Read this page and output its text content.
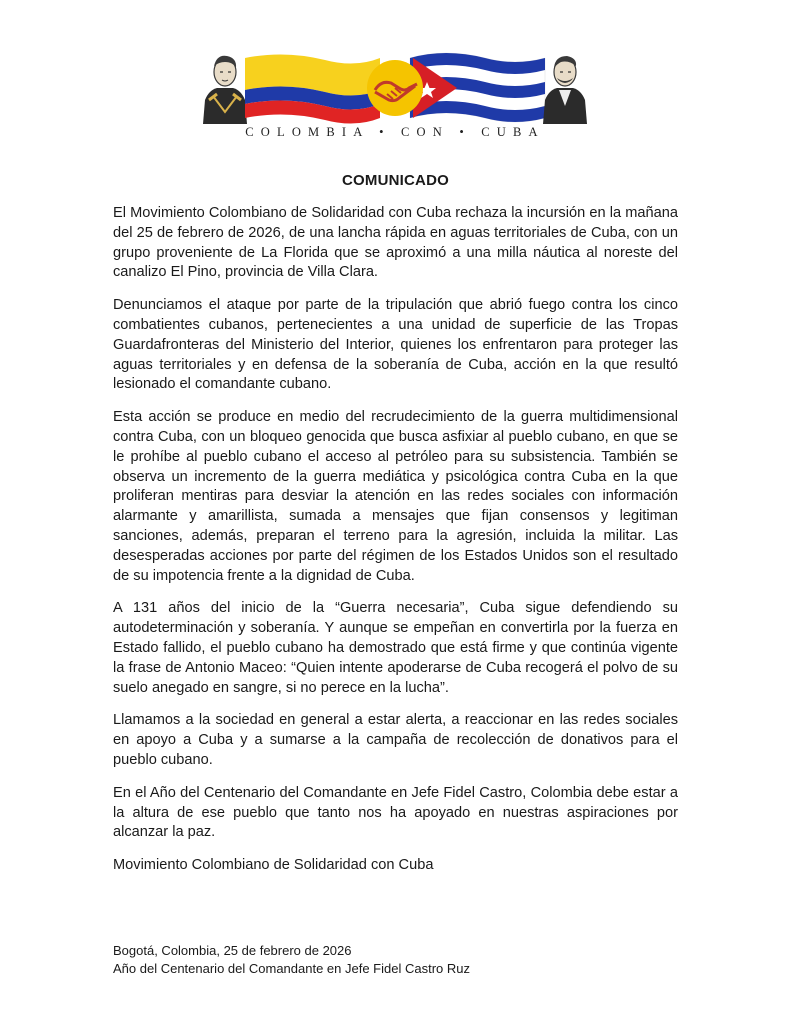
COLOMBIA • CON • CUBA
COMUNICADO

El Movimiento Colombiano de Solidaridad con Cuba rechaza la incursión en la mañana del 25 de febrero de 2026, de una lancha rápida en aguas territoriales de Cuba, con un grupo proveniente de La Florida que se aproximó a una milla náutica al noreste del canalizo El Pino, provincia de Villa Clara.

Denunciamos el ataque por parte de la tripulación que abrió fuego contra los cinco combatientes cubanos, pertenecientes a una unidad de superficie de las Tropas Guardafronteras del Ministerio del Interior, quienes los enfrentaron para proteger las aguas territoriales y en defensa de la soberanía de Cuba, acción en la que resultó lesionado el comandante cubano.

Esta acción se produce en medio del recrudecimiento de la guerra multidimensional contra Cuba, con un bloqueo genocida que busca asfixiar al pueblo cubano, en que se le prohíbe al pueblo cubano el acceso al petróleo para su subsistencia. También se observa un incremento de la guerra mediática y psicológica contra Cuba en la que proliferan mentiras para desviar la atención en las redes sociales con información alarmante y amarillista, sumada a mensajes que fijan consensos y legitiman sanciones, además, preparan el terreno para la agresión, incluida la militar. Las desesperadas acciones por parte del régimen de los Estados Unidos son el resultado de su impotencia frente a la dignidad de Cuba.

A 131 años del inicio de la “Guerra necesaria”, Cuba sigue defendiendo su autodeterminación y soberanía. Y aunque se empeñan en convertirla por la fuerza en Estado fallido, el pueblo cubano ha demostrado que está firme y que continúa vigente la frase de Antonio Maceo: “Quien intente apoderarse de Cuba recogerá el polvo de su suelo anegado en sangre, si no perece en la lucha”.

Llamamos a la sociedad en general a estar alerta, a reaccionar en las redes sociales en apoyo a Cuba y a sumarse a la campaña de recolección de donativos para el pueblo cubano.

En el Año del Centenario del Comandante en Jefe Fidel Castro, Colombia debe estar a la altura de ese pueblo que tanto nos ha apoyado en nuestras aspiraciones por alcanzar la paz.

Movimiento Colombiano de Solidaridad con Cuba

Bogotá, Colombia, 25 de febrero de 2026
Año del Centenario del Comandante en Jefe Fidel Castro Ruz
